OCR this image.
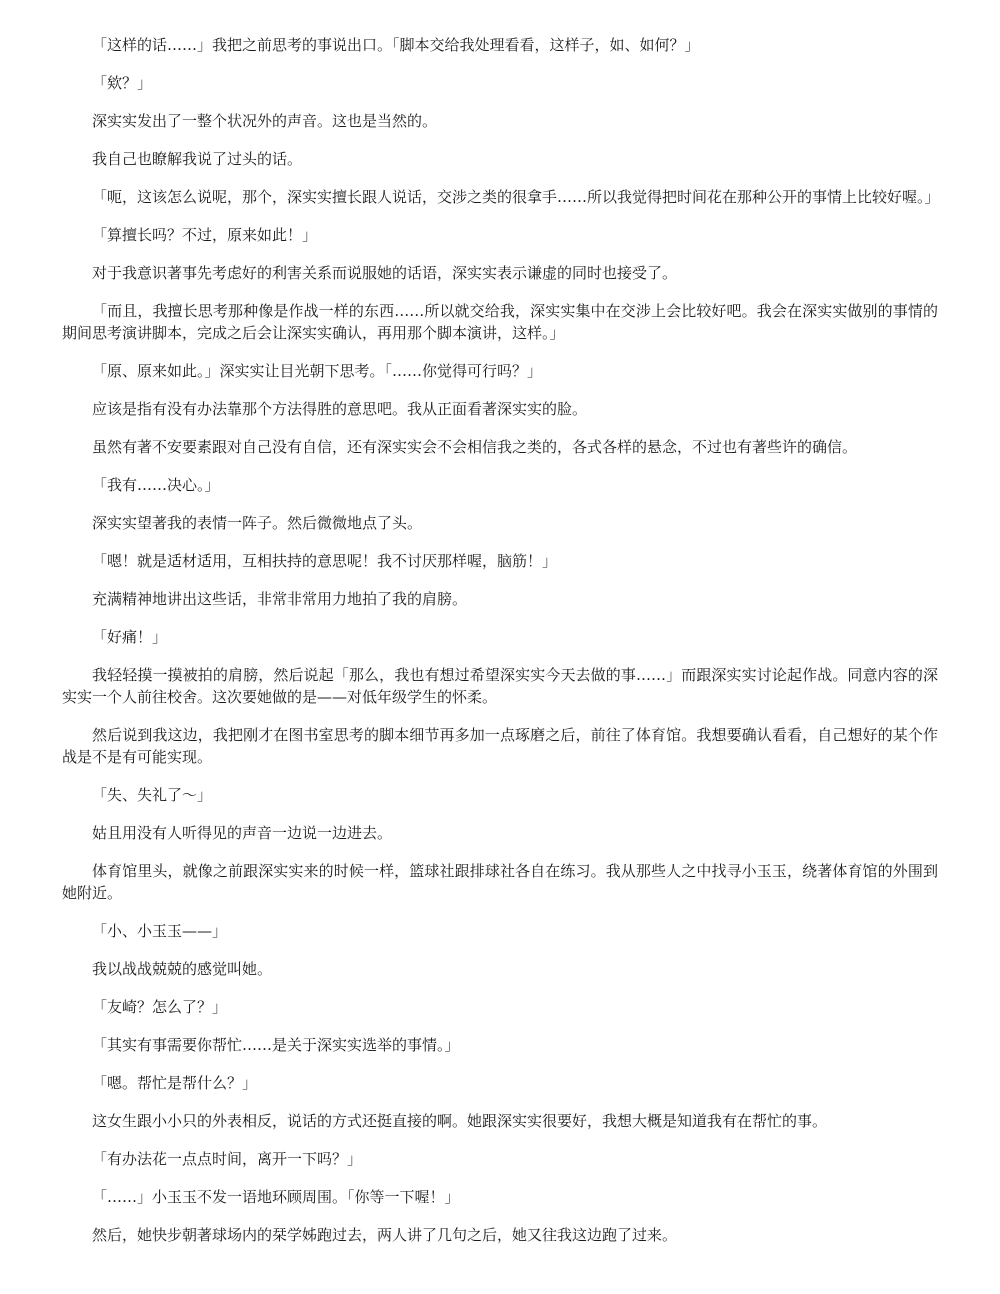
「这样的话……」我把之前思考的事说出口。「脚本交给我处理看看，这样子，如、如何？」

「欸？」

深实实发出了一整个状况外的声音。这也是当然的。

我自己也瞭解我说了过头的话。

「呃，这该怎么说呢，那个，深实实擅长跟人说话，交涉之类的很拿手……所以我觉得把时间花在那种公开的事情上比较好喔。」

「算擅长吗？不过，原来如此！」

对于我意识著事先考虑好的利害关系而说服她的话语，深实实表示谦虚的同时也接受了。

「而且，我擅长思考那种像是作战一样的东西……所以就交给我，深实实集中在交涉上会比较好吧。我会在深实实做别的事情的期间思考演讲脚本，完成之后会让深实实确认，再用那个脚本演讲，这样。」

「原、原来如此。」深实实让目光朝下思考。「……你觉得可行吗？」

应该是指有没有办法靠那个方法得胜的意思吧。我从正面看著深实实的脸。

虽然有著不安要素跟对自己没有自信，还有深实实会不会相信我之类的，各式各样的悬念，不过也有著些许的确信。

「我有……决心。」

深实实望著我的表情一阵子。然后微微地点了头。

「嗯！就是适材适用，互相扶持的意思呢！我不讨厌那样喔，脑筋！」

充满精神地讲出这些话，非常非常用力地拍了我的肩膀。

「好痛！」

我轻轻摸一摸被拍的肩膀，然后说起「那么，我也有想过希望深实实今天去做的事……」而跟深实实讨论起作战。同意内容的深实实一个人前往校舍。这次要她做的是——对低年级学生的怀柔。

然后说到我这边，我把刚才在图书室思考的脚本细节再多加一点琢磨之后，前往了体育馆。我想要确认看看，自己想好的某个作战是不是有可能实现。

「失、失礼了～」

姑且用没有人听得见的声音一边说一边进去。

体育馆里头，就像之前跟深实实来的时候一样，篮球社跟排球社各自在练习。我从那些人之中找寻小玉玉，绕著体育馆的外围到她附近。

「小、小玉玉——」

我以战战兢兢的感觉叫她。

「友崎？怎么了？」

「其实有事需要你帮忙……是关于深实实选举的事情。」

「嗯。帮忙是帮什么？」

这女生跟小小只的外表相反，说话的方式还挺直接的啊。她跟深实实很要好，我想大概是知道我有在帮忙的事。

「有办法花一点点时间，离开一下吗？」

「……」小玉玉不发一语地环顾周围。「你等一下喔！」

然后，她快步朝著球场内的栞学姊跑过去，两人讲了几句之后，她又往我这边跑了过来。
